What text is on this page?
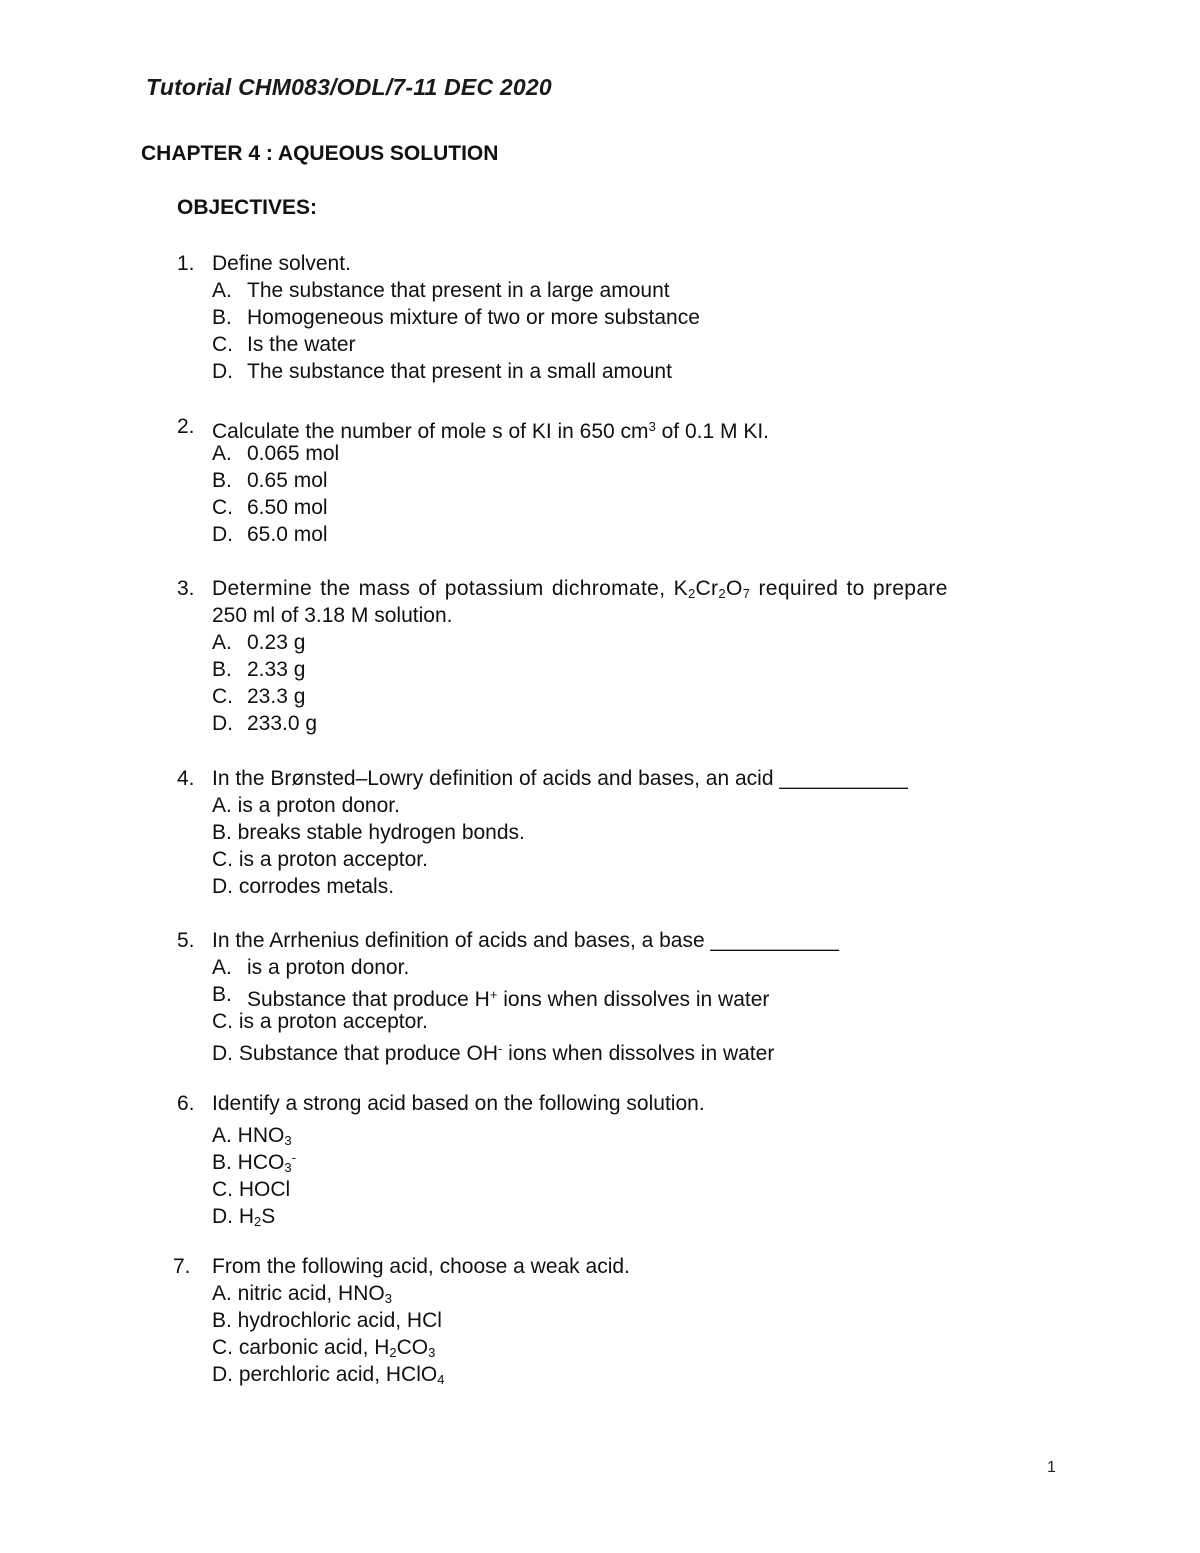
Tutorial CHM083/ODL/7-11 DEC 2020
CHAPTER 4 : AQUEOUS SOLUTION
OBJECTIVES:
1. Define solvent.
A. The substance that present in a large amount
B. Homogeneous mixture of two or more substance
C. Is the water
D. The substance that present in a small amount
2. Calculate the number of mole s of KI in 650 $cm^3$ of 0.1 M KI.
A. 0.065 mol
B. 0.65 mol
C. 6.50 mol
D. 65.0 mol
3. Determine the mass of potassium dichromate, $K_2Cr_2O_7$ required to prepare
250 ml of 3.18 M solution.
A. 0.23 g
B. 2.33 g
C. 23.3 g
D. 233.0 g
4. In the Brønsted–Lowry definition of acids and bases, an acid ___________
A. is a proton donor.
B. breaks stable hydrogen bonds.
C. is a proton acceptor.
D. corrodes metals.
5. In the Arrhenius definition of acids and bases, a base ___________
A. is a proton donor.
B. Substance that produce H+ ions when dissolves in water
C. is a proton acceptor.
D. Substance that produce OH- ions when dissolves in water
6. Identify a strong acid based on the following solution.
A. $HNO_3$
B. $HCO_3^-$
C. HOCl
D. $H_2S$
7. From the following acid, choose a weak acid.
A. nitric acid, $HNO_3$
B. hydrochloric acid, HCl
C. carbonic acid, $H_2CO_3$
D. perchloric acid, HClO$_4$
1
